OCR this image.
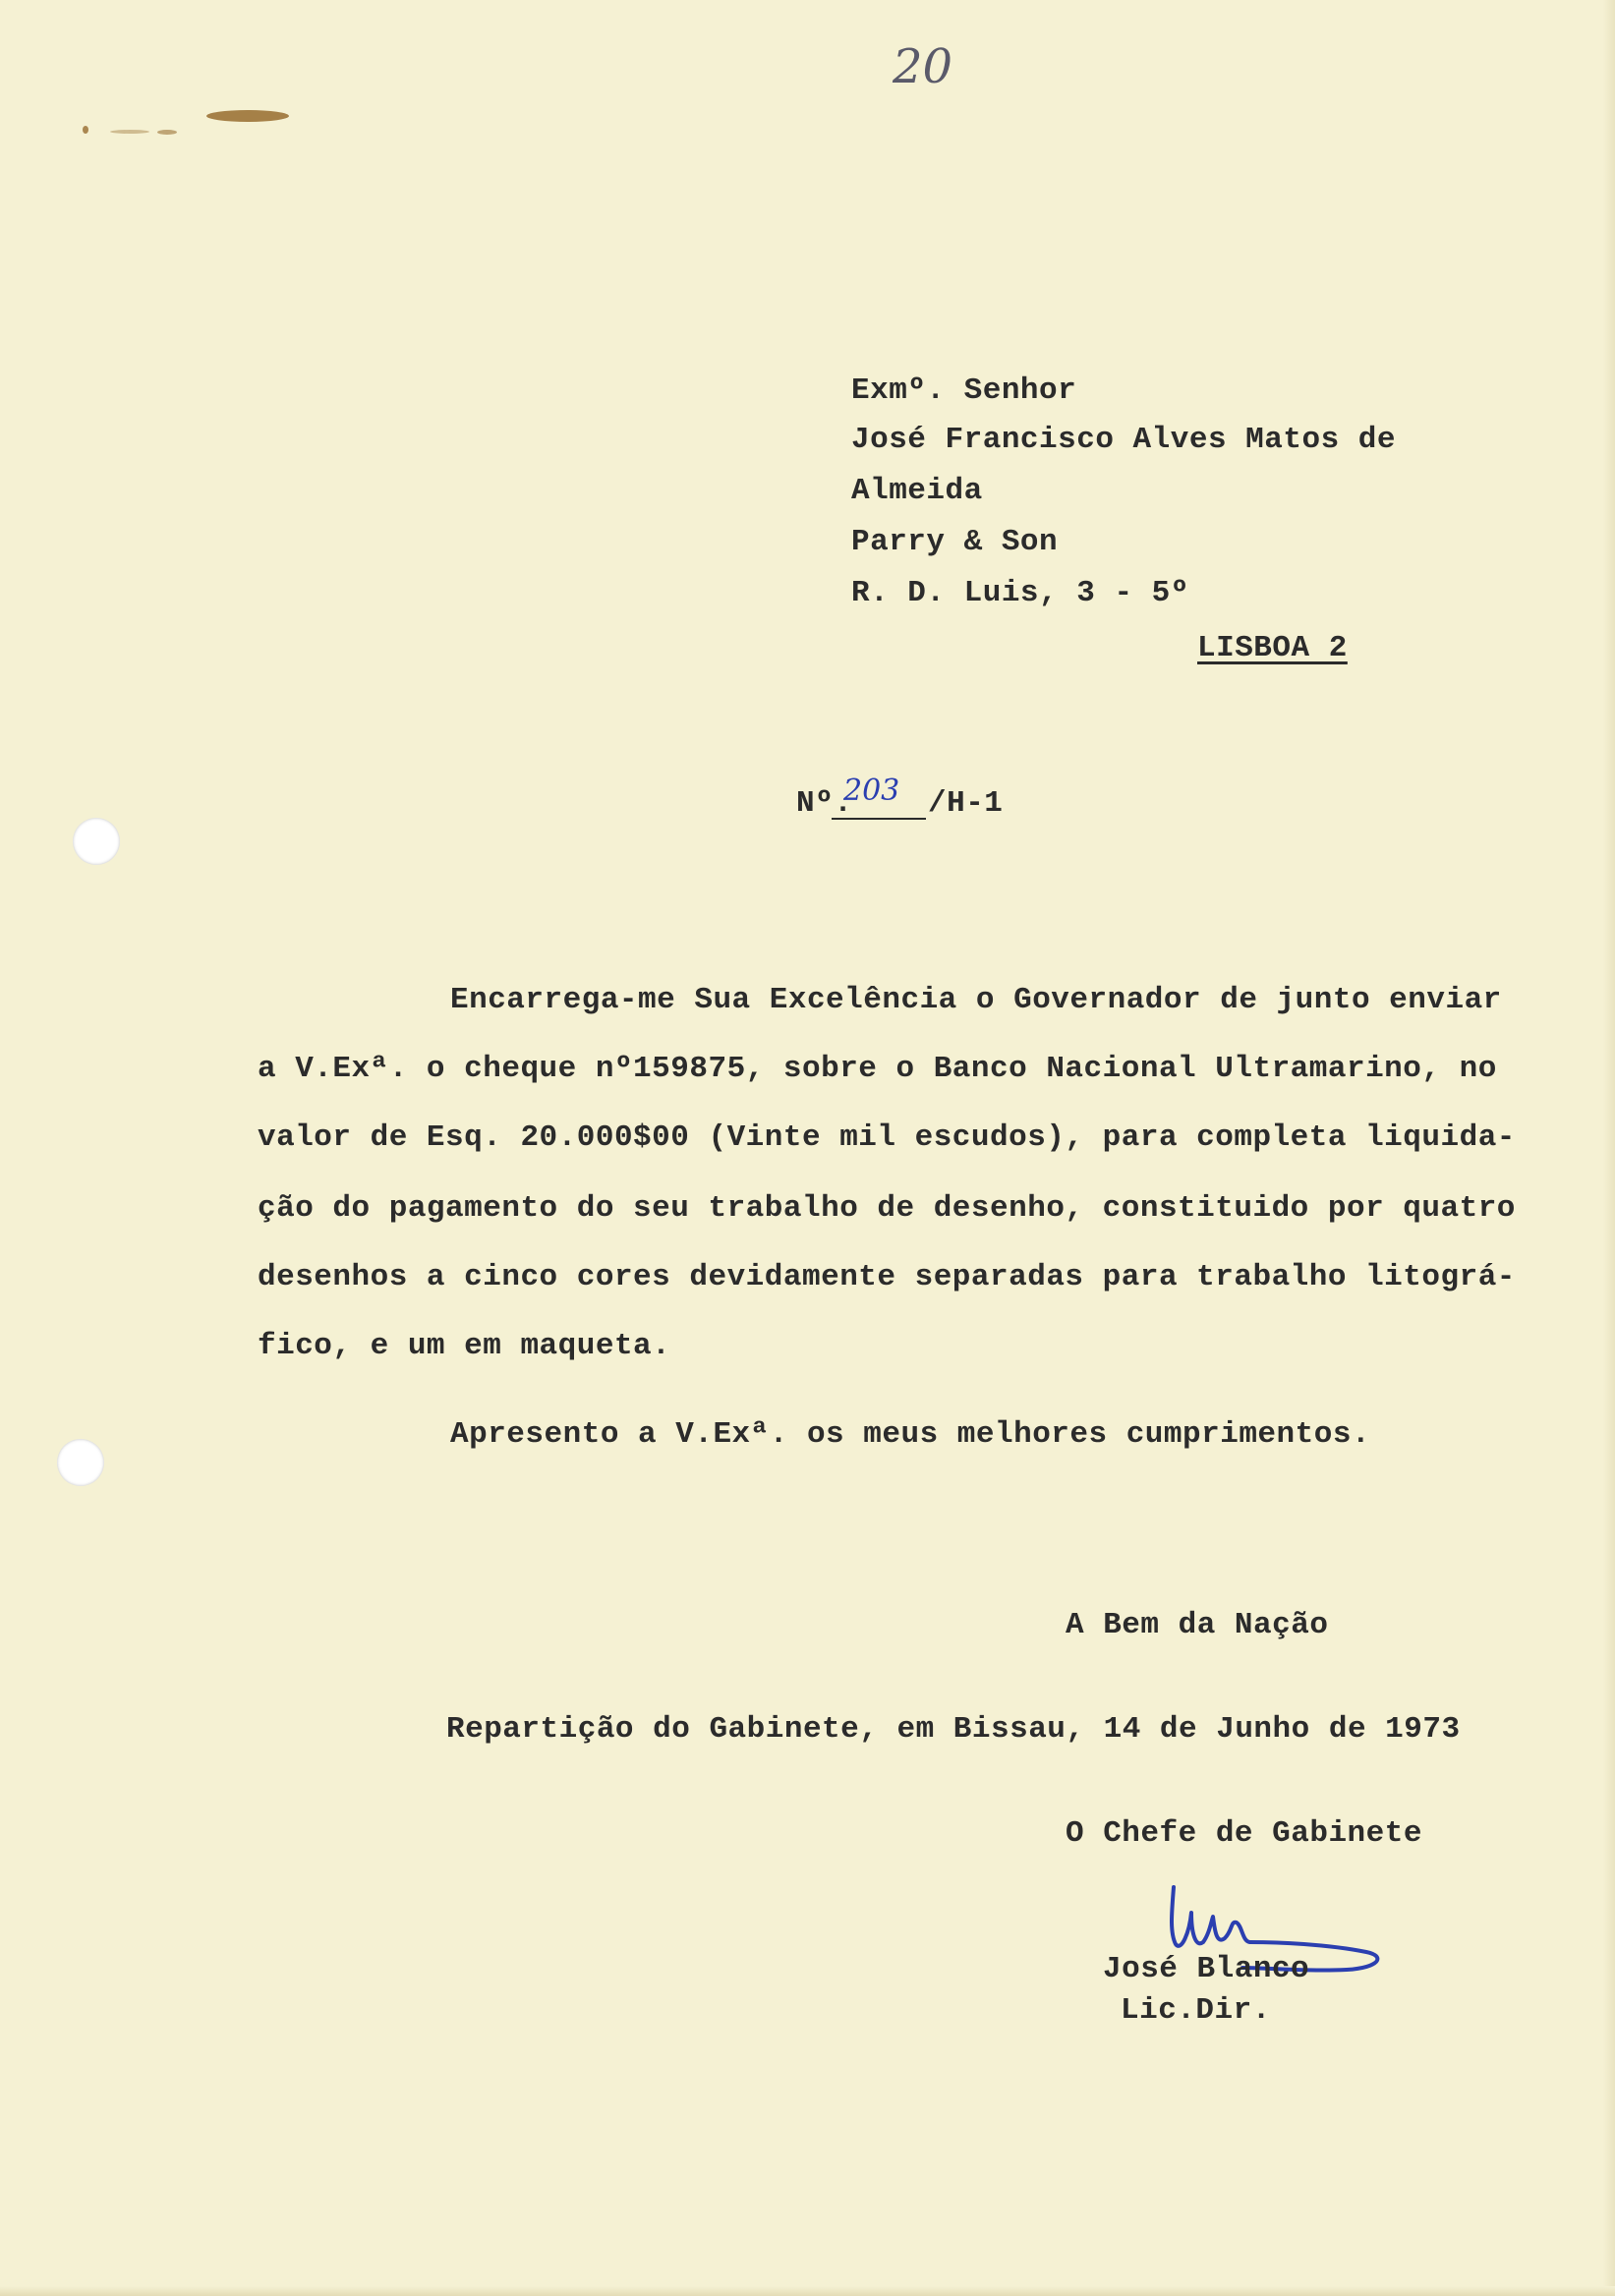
20
Exmº. Senhor
José Francisco Alves Matos de
Almeida
Parry & Son
R. D. Luis, 3 - 5º
LISBOA 2
Nº.
203 /H-1
Encarrega-me Sua Excelência o Governador de junto enviar
a V.Exª. o cheque nº159875, sobre o Banco Nacional Ultramarino, no
valor de Esq. 20.000$00 (Vinte mil escudos), para completa liquida-
ção do pagamento do seu trabalho de desenho, constituido por quatro
desenhos a cinco cores devidamente separadas para trabalho litográ-
fico, e um em maqueta.
Apresento a V.Exª. os meus melhores cumprimentos.
A Bem da Nação
Repartição do Gabinete, em Bissau, 14 de Junho de 1973
O Chefe de Gabinete
José Blanco
Lic.Dir.
